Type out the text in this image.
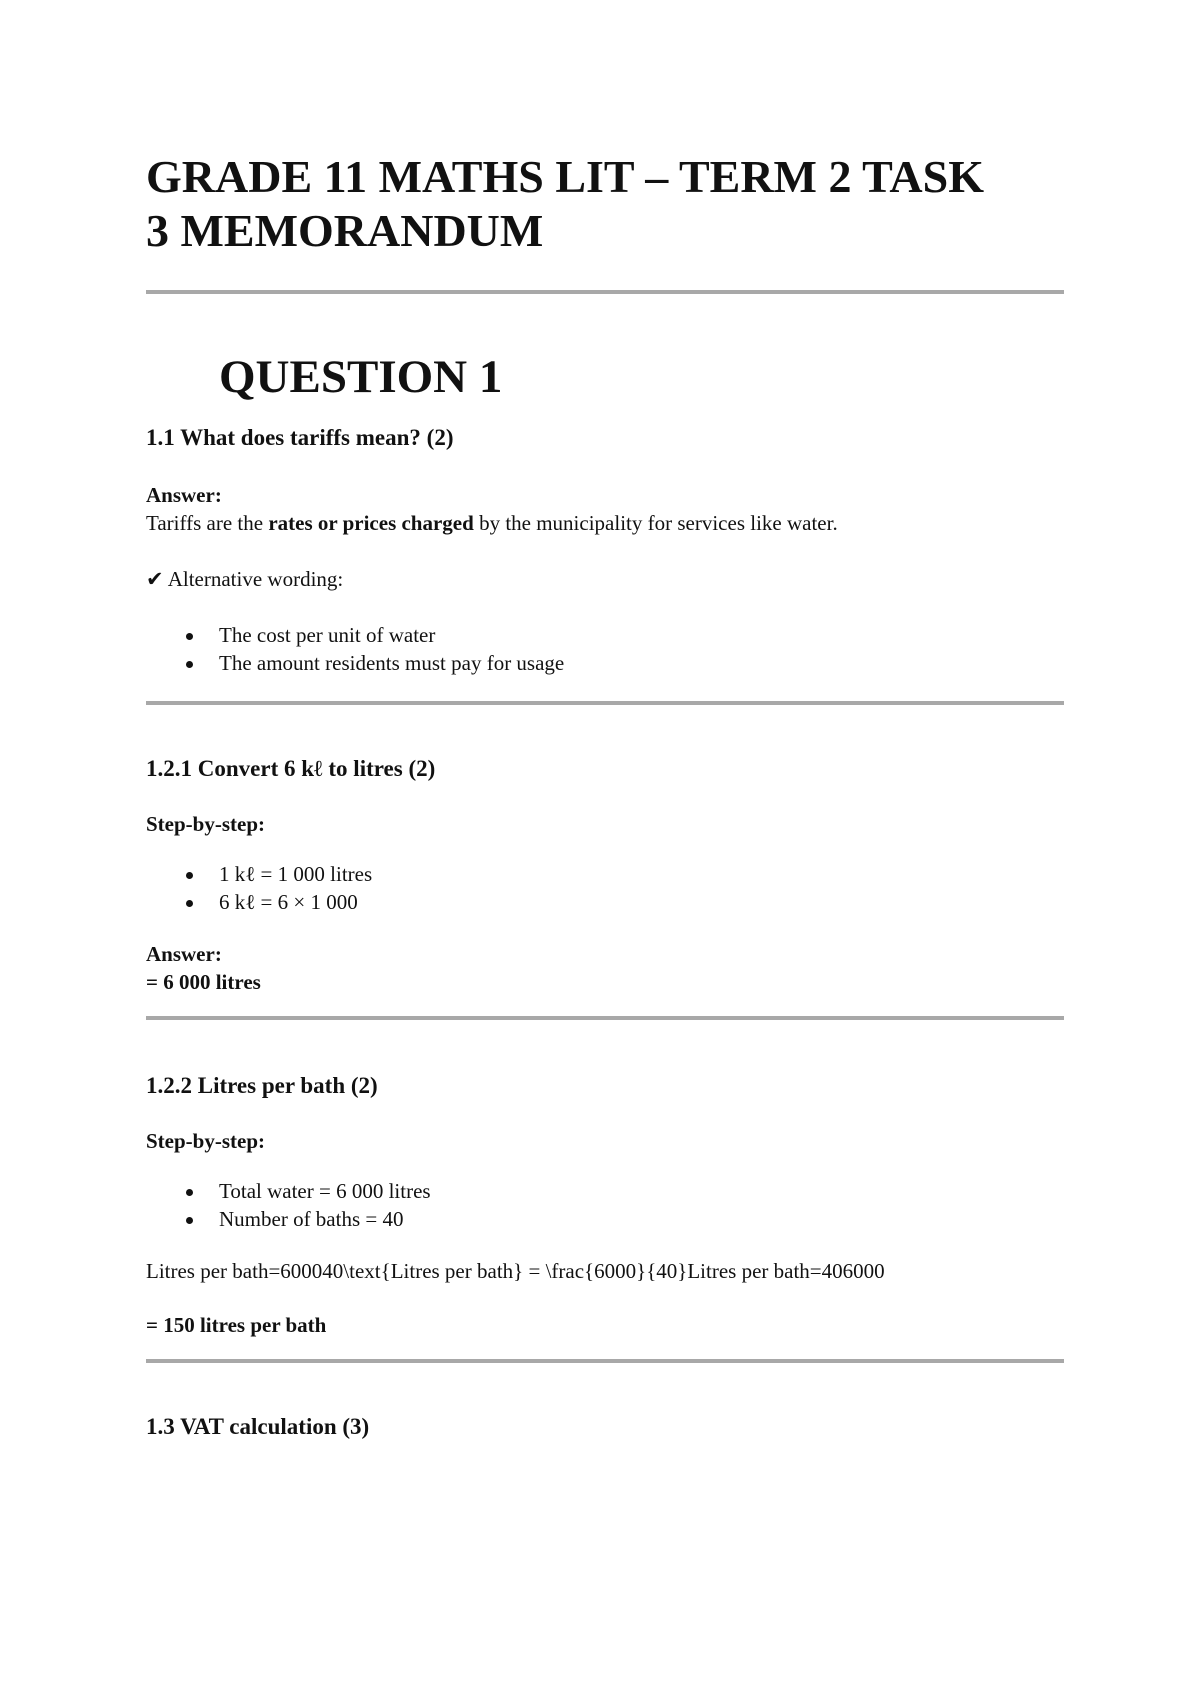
GRADE 11 MATHS LIT – TERM 2 TASK
3 MEMORANDUM
QUESTION 1
1.1 What does tariffs mean? (2)

Answer:

Tariffs are the rates or prices charged by the municipality for services like water.

✔ Alternative wording:

The cost per unit of water
The amount residents must pay for usage
1.2.1 Convert 6 kℓ to litres (2)

Step-by-step:

1 kℓ = 1 000 litres
6 kℓ = 6 × 1 000

Answer:

= 6 000 litres

1.2.2 Litres per bath (2)

Step-by-step:

Total water = 6 000 litres
Number of baths = 40

Litres per bath=600040\text{Litres per bath} = \frac{6000}{40}Litres per bath=406000

= 150 litres per bath

1.3 VAT calculation (3)
